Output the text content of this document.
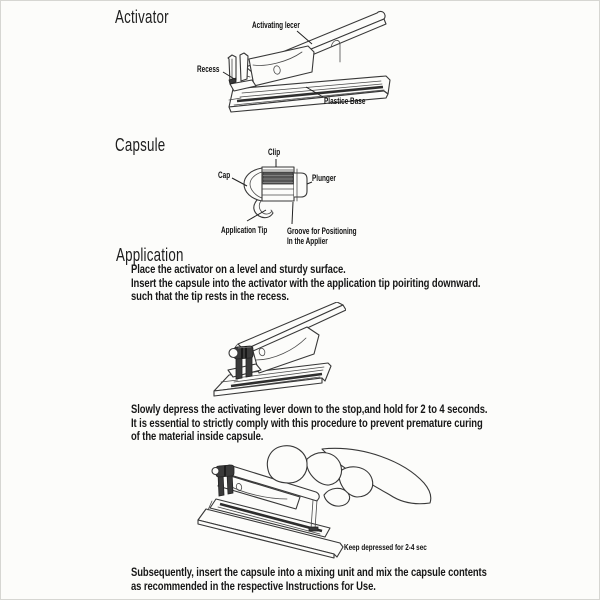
Activator	Activating lecer
Recess
Plastice Base
Capsule	Clip
Cap	Plunger
Application Tip Groove for Positioning
In the Applier
Application
Place the activator on a level and sturdy surface.
Insert the capsule into the activator with the application tip poiriting downward.
such that the tip rests in the recess.
Slowly depress the activating lever down to the stop,and hold for 2 to 4 seconds.
It is essential to strictly comply with this procedure to prevent premature curing
of the material inside capsule.
Keep depressed for 2-4 sec
Subsequently, insert the capsule into a mixing unit and mix the capsule contents
as recommended in the respective Instructions for Use.
